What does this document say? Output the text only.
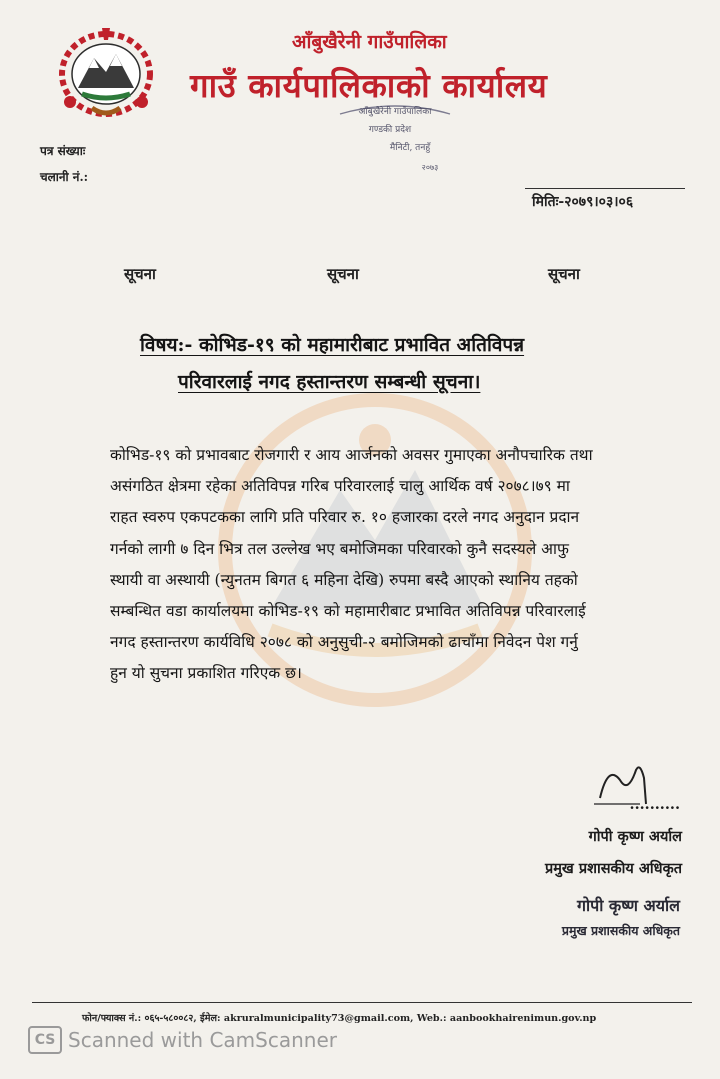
आँबुखैरेनी गाउँपालिका
गाउँ कार्यपालिकाको कार्यालय
आँबुखैरेनी गाउँपालिका
गण्डकी प्रदेश
मैनिटी, तनहुँ
२०७३
पत्र संख्याः
चलानी नं.:
मितिः-२०७९।०३।०६
सूचना	सूचना	सूचना
विषय:- कोभिड-१९ को महामारीबाट प्रभावित अतिविपन्न
परिवारलाई नगद हस्तान्तरण सम्बन्धी सूचना।
कोभिड-१९ को प्रभावबाट रोजगारी र आय आर्जनको अवसर गुमाएका अनौपचारिक तथा
असंगठित क्षेत्रमा रहेका अतिविपन्न गरिब परिवारलाई चालु आर्थिक वर्ष २०७८।७९ मा
राहत स्वरुप एकपटकका लागि प्रति परिवार रु. १० हजारका दरले नगद अनुदान प्रदान
गर्नको लागी ७ दिन भित्र तल उल्लेख भए बमोजिमका परिवारको कुनै सदस्यले आफु
स्थायी वा अस्थायी (न्युनतम बिगत ६ महिना देखि) रुपमा बस्दै आएको स्थानिय तहको
सम्बन्धित वडा कार्यालयमा कोभिड-१९ को महामारीबाट प्रभावित अतिविपन्न परिवारलाई
नगद हस्तान्तरण कार्यविधि २०७८ को अनुसुची-२ बमोजिमको ढाचाँमा निवेदन पेश गर्नु
हुन यो सुचना प्रकाशित गरिएक छ।
..........
गोपी कृष्ण अर्याल
प्रमुख प्रशासकीय अधिकृत
गोपी कृष्ण अर्याल
प्रमुख प्रशासकीय अधिकृत
फोन/फ्याक्स नं.: ०६५-५८००८२, ईमेल: akruralmunicipality73@gmail.com, Web.: aanbookhairenimun.gov.np
CS Scanned with CamScanner
